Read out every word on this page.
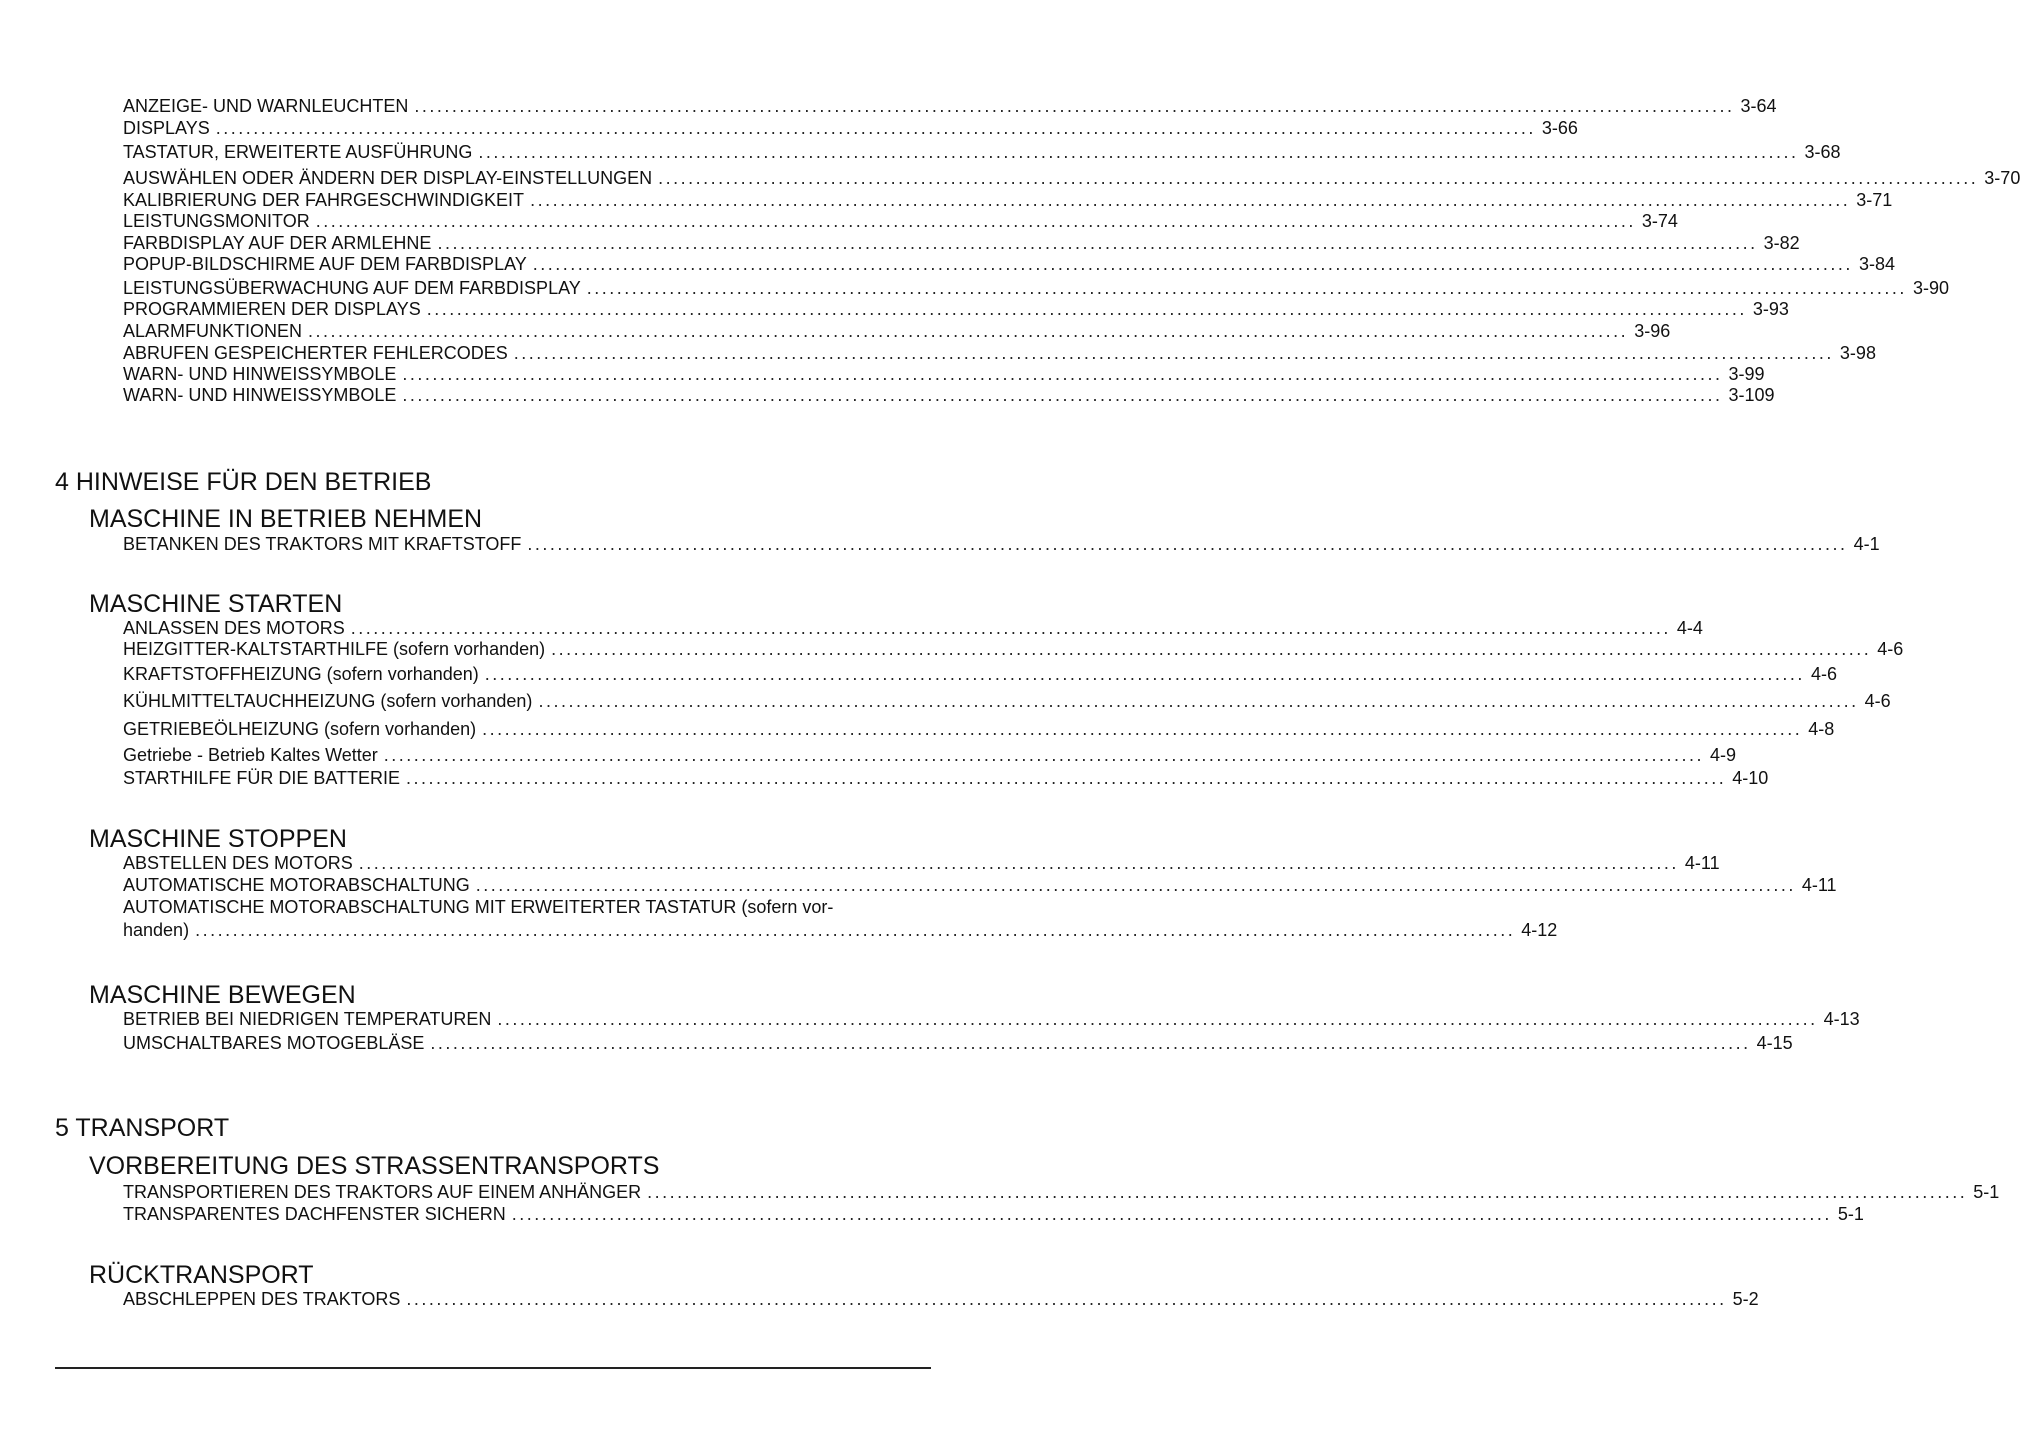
ANZEIGE- UND WARNLEUCHTEN ................................................................................................................................................................................ 3-64
DISPLAYS ................................................................................................................................................................................ 3-66
TASTATUR, ERWEITERTE AUSFÜHRUNG ................................................................................................................................................................................ 3-68
AUSWÄHLEN ODER ÄNDERN DER DISPLAY-EINSTELLUNGEN ................................................................................................................................................................................ 3-70
KALIBRIERUNG DER FAHRGESCHWINDIGKEIT ................................................................................................................................................................................ 3-71
LEISTUNGSMONITOR ................................................................................................................................................................................ 3-74
FARBDISPLAY AUF DER ARMLEHNE ................................................................................................................................................................................ 3-82
POPUP-BILDSCHIRME AUF DEM FARBDISPLAY ................................................................................................................................................................................ 3-84
LEISTUNGSÜBERWACHUNG AUF DEM FARBDISPLAY ................................................................................................................................................................................ 3-90
PROGRAMMIEREN DER DISPLAYS ................................................................................................................................................................................ 3-93
ALARMFUNKTIONEN ................................................................................................................................................................................ 3-96
ABRUFEN GESPEICHERTER FEHLERCODES ................................................................................................................................................................................ 3-98
WARN- UND HINWEISSYMBOLE ................................................................................................................................................................................ 3-99
WARN- UND HINWEISSYMBOLE ................................................................................................................................................................................ 3-109
4 HINWEISE FÜR DEN BETRIEB
MASCHINE IN BETRIEB NEHMEN
BETANKEN DES TRAKTORS MIT KRAFTSTOFF ................................................................................................................................................................................ 4-1
MASCHINE STARTEN
ANLASSEN DES MOTORS ................................................................................................................................................................................ 4-4
HEIZGITTER-KALTSTARTHILFE (sofern vorhanden) ................................................................................................................................................................................ 4-6
KRAFTSTOFFHEIZUNG (sofern vorhanden) ................................................................................................................................................................................ 4-6
KÜHLMITTELTAUCHHEIZUNG (sofern vorhanden) ................................................................................................................................................................................ 4-6
GETRIEBEÖLHEIZUNG (sofern vorhanden) ................................................................................................................................................................................ 4-8
Getriebe - Betrieb Kaltes Wetter ................................................................................................................................................................................ 4-9
STARTHILFE FÜR DIE BATTERIE ................................................................................................................................................................................ 4-10
MASCHINE STOPPEN
ABSTELLEN DES MOTORS ................................................................................................................................................................................ 4-11
AUTOMATISCHE MOTORABSCHALTUNG ................................................................................................................................................................................ 4-11
AUTOMATISCHE MOTORABSCHALTUNG MIT ERWEITERTER TASTATUR (sofern vor-
handen) ................................................................................................................................................................................ 4-12
MASCHINE BEWEGEN
BETRIEB BEI NIEDRIGEN TEMPERATUREN ................................................................................................................................................................................ 4-13
UMSCHALTBARES MOTOGEBLÄSE ................................................................................................................................................................................ 4-15
5 TRANSPORT
VORBEREITUNG DES STRASSENTRANSPORTS
TRANSPORTIEREN DES TRAKTORS AUF EINEM ANHÄNGER ................................................................................................................................................................................ 5-1
TRANSPARENTES DACHFENSTER SICHERN ................................................................................................................................................................................ 5-1
RÜCKTRANSPORT
ABSCHLEPPEN DES TRAKTORS ................................................................................................................................................................................ 5-2
